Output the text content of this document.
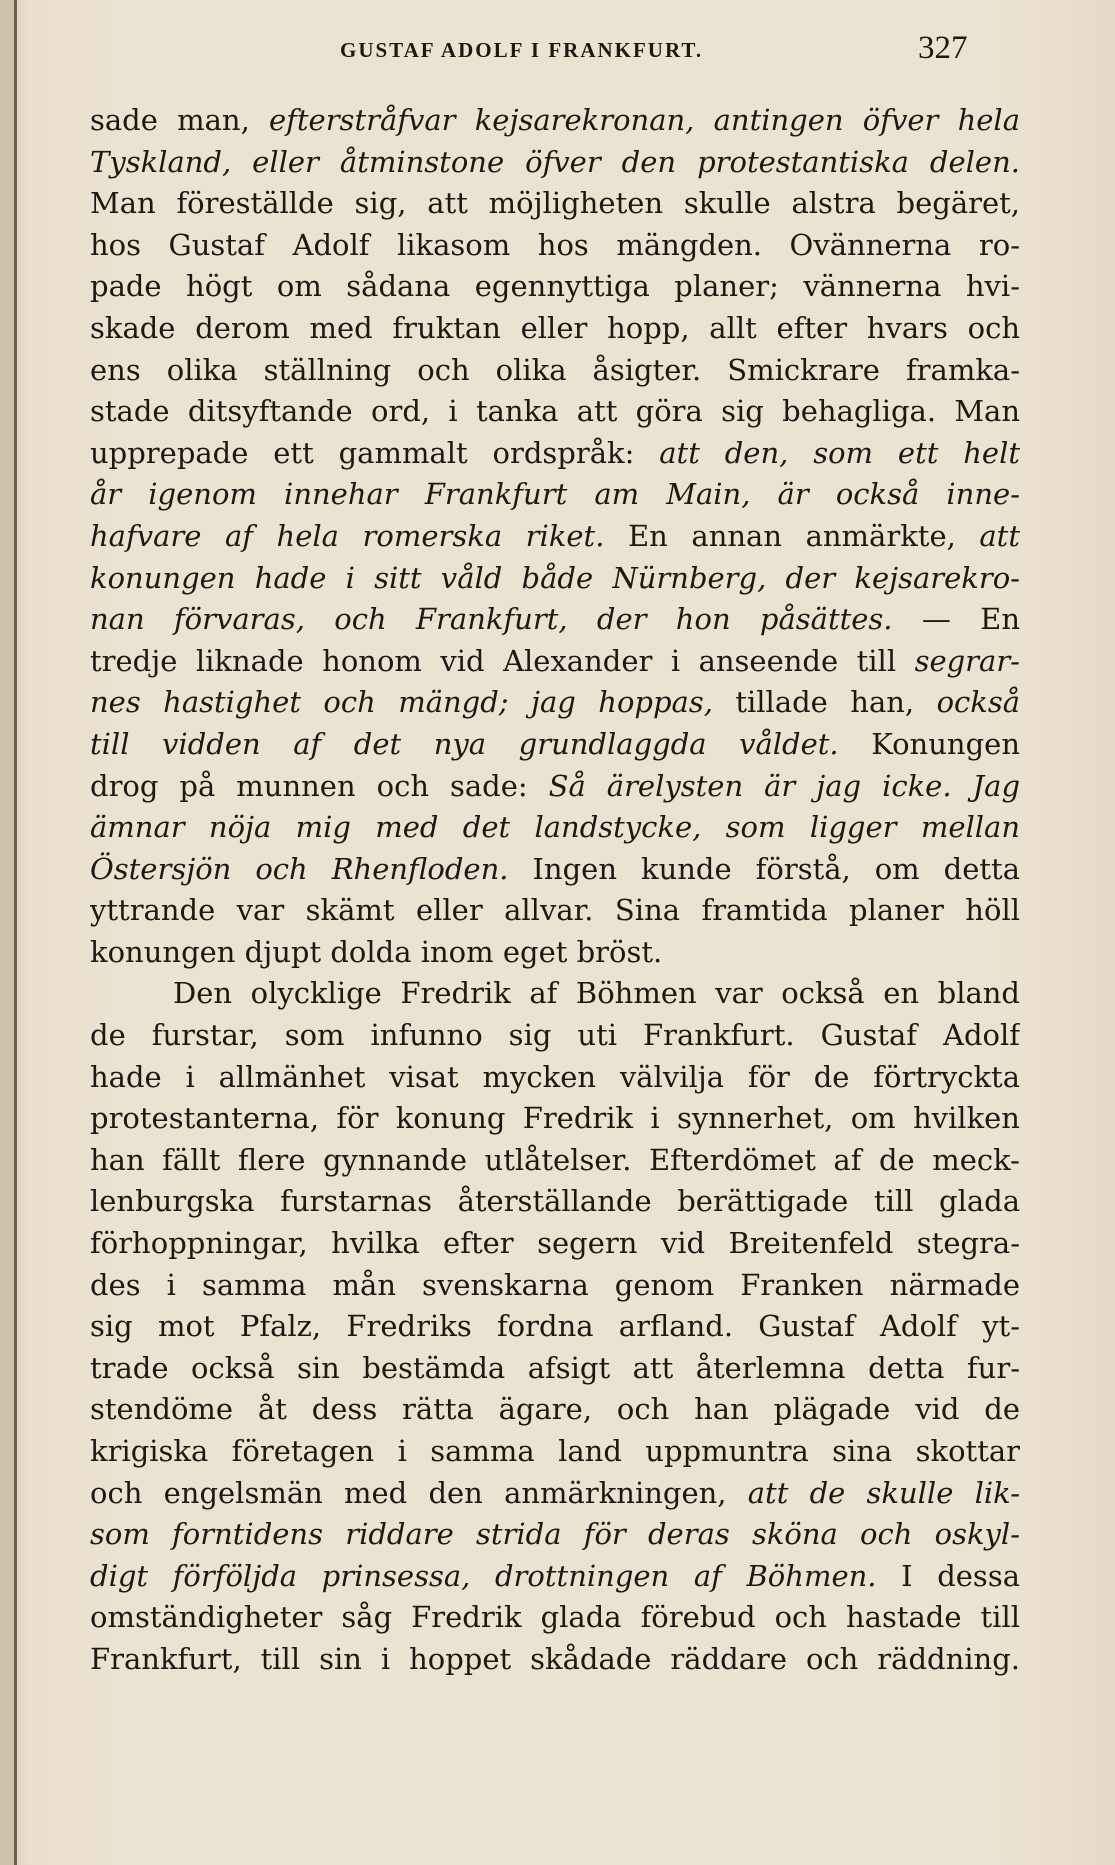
GUSTAF ADOLF I FRANKFURT.	327
sade man, efterstråfvar kejsarekronan, antingen öfver hela
Tyskland, eller åtminstone öfver den protestantiska delen.
Man föreställde sig, att möjligheten skulle alstra begäret,
hos Gustaf Adolf likasom hos mängden. Ovännerna ro-
pade högt om sådana egennyttiga planer; vännerna hvi-
skade derom med fruktan eller hopp, allt efter hvars och
ens olika ställning och olika åsigter. Smickrare framka-
stade ditsyftande ord, i tanka att göra sig behagliga. Man
upprepade ett gammalt ordspråk: att den, som ett helt
år igenom innehar Frankfurt am Main, är också inne-
hafvare af hela romerska riket. En annan anmärkte, att
konungen hade i sitt våld både Nürnberg, der kejsarekro-
nan förvaras, och Frankfurt, der hon påsättes. — En
tredje liknade honom vid Alexander i anseende till segrar-
nes hastighet och mängd; jag hoppas, tillade han, också
till vidden af det nya grundlaggda våldet. Konungen
drog på munnen och sade: Så ärelysten är jag icke. Jag
ämnar nöja mig med det landstycke, som ligger mellan
Östersjön och Rhenfloden. Ingen kunde förstå, om detta
yttrande var skämt eller allvar. Sina framtida planer höll
konungen djupt dolda inom eget bröst.
Den olycklige Fredrik af Böhmen var också en bland
de furstar, som infunno sig uti Frankfurt. Gustaf Adolf
hade i allmänhet visat mycken välvilja för de förtryckta
protestanterna, för konung Fredrik i synnerhet, om hvilken
han fällt flere gynnande utlåtelser. Efterdömet af de meck-
lenburgska furstarnas återställande berättigade till glada
förhoppningar, hvilka efter segern vid Breitenfeld stegra-
des i samma mån svenskarna genom Franken närmade
sig mot Pfalz, Fredriks fordna arfland. Gustaf Adolf yt-
trade också sin bestämda afsigt att återlemna detta fur-
stendöme åt dess rätta ägare, och han plägade vid de
krigiska företagen i samma land uppmuntra sina skottar
och engelsmän med den anmärkningen, att de skulle lik-
som forntidens riddare strida för deras sköna och oskyl-
digt förföljda prinsessa, drottningen af Böhmen. I dessa
omständigheter såg Fredrik glada förebud och hastade till
Frankfurt, till sin i hoppet skådade räddare och räddning.
